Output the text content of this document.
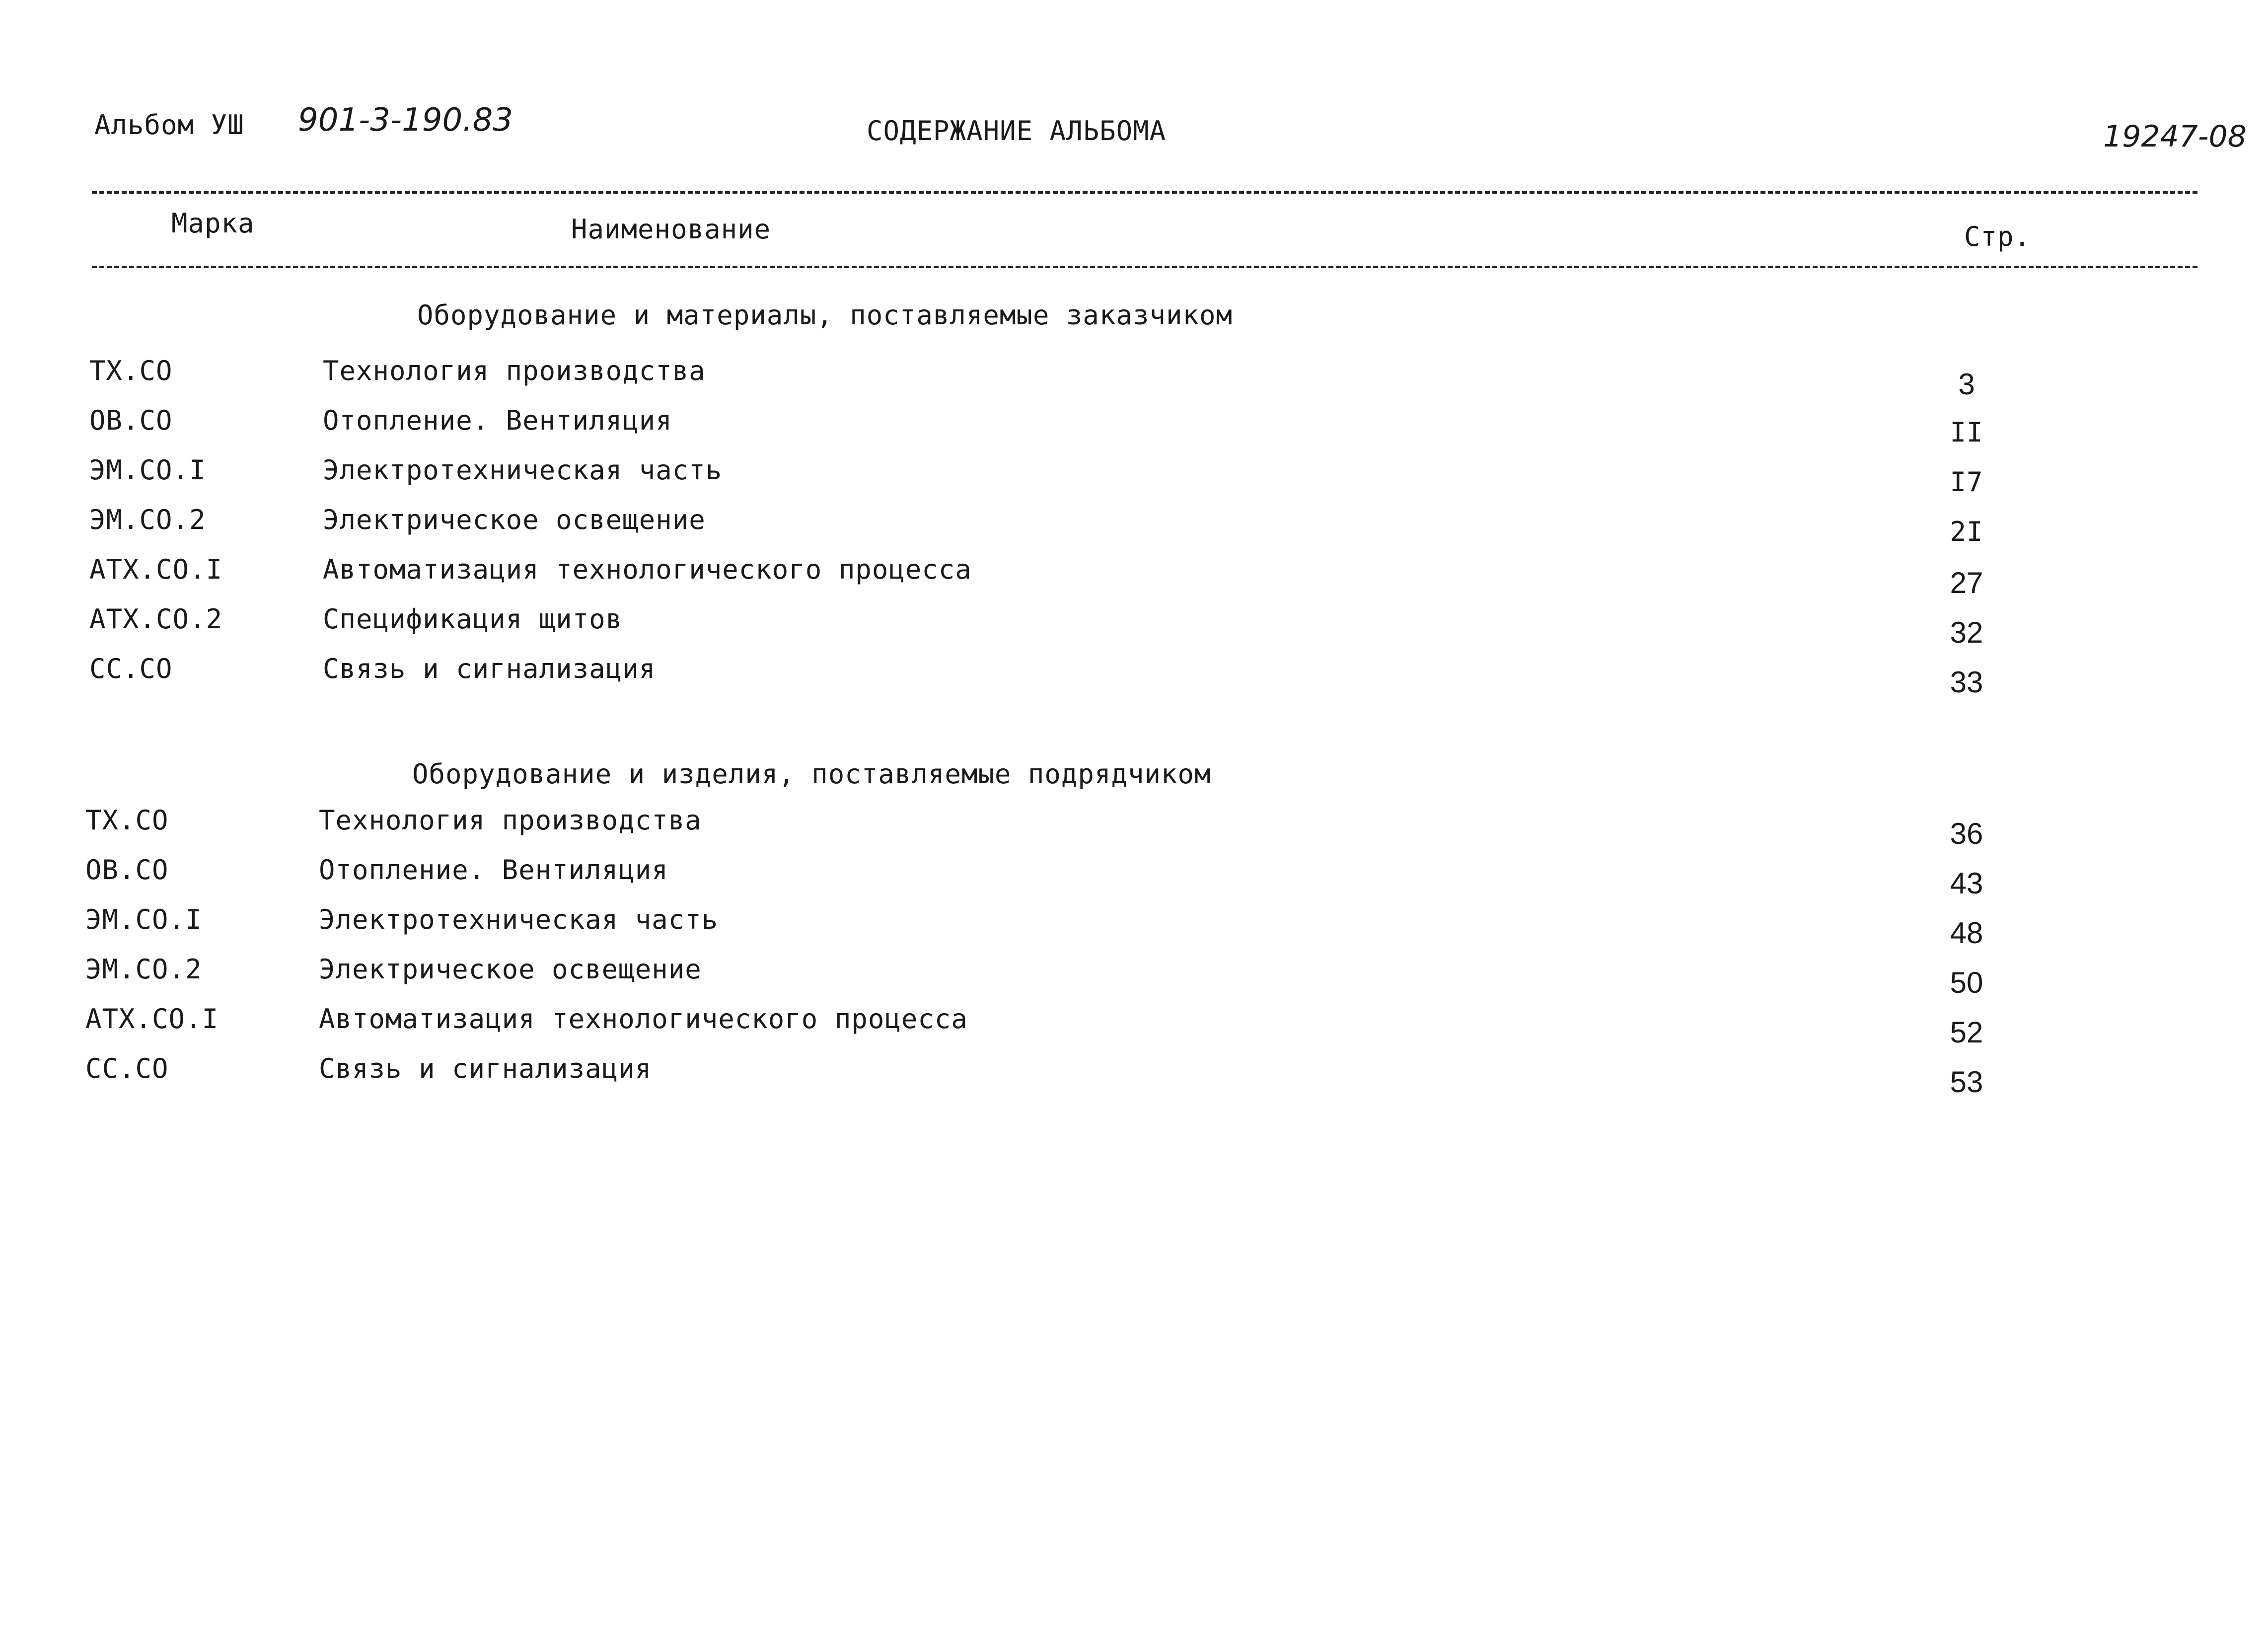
Альбом УШ 901-3-190.83	СОДЕРЖАНИЕ АЛЬБОМА	19247-08
Марка	Наименование	Стр.
Оборудование и материалы, поставляемые заказчиком
ТХ.СО	Технология производства	3
ОВ.СО	Отопление. Вентиляция	II
ЭМ.СО.I	Электротехническая часть	I7
ЭМ.СО.2	Электрическое освещение	2I
АТХ.СО.I	Автоматизация технологического процесса	27
АТХ.СО.2	Спецификация щитов	32
СС.СО	Связь и сигнализация	33
Оборудование и изделия, поставляемые подрядчиком
ТХ.СО	Технология производства	36
ОВ.СО	Отопление. Вентиляция	43
ЭМ.СО.I	Электротехническая часть	48
ЭМ.СО.2	Электрическое освещение	50
АТХ.СО.I	Автоматизация технологического процесса	52
СС.СО	Связь и сигнализация	53
